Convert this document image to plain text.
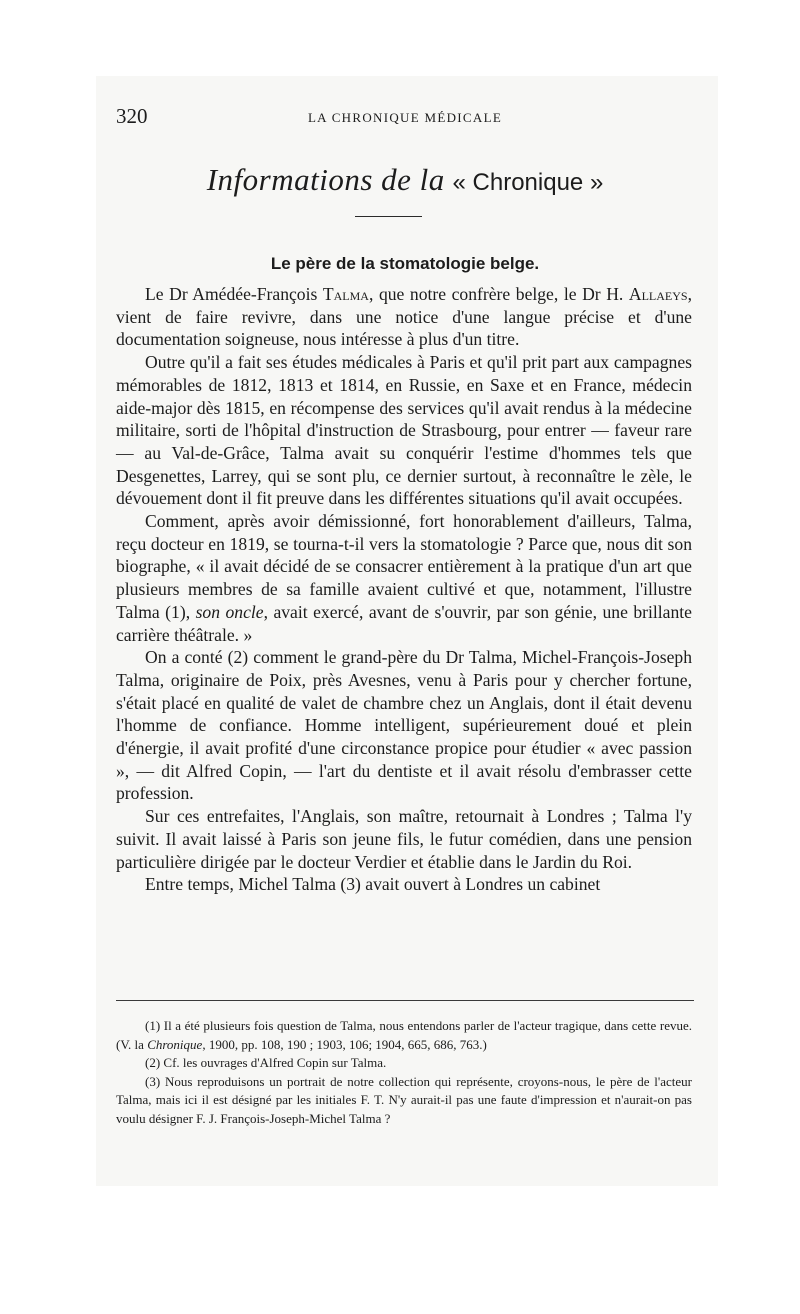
320	LA CHRONIQUE MÉDICALE
Informations de la « Chronique »
Le père de la stomatologie belge.

Le Dr Amédée-François Talma, que notre confrère belge, le Dr H. Allaeys, vient de faire revivre, dans une notice d'une langue précise et d'une documentation soigneuse, nous intéresse à plus d'un titre.

Outre qu'il a fait ses études médicales à Paris et qu'il prit part aux campagnes mémorables de 1812, 1813 et 1814, en Russie, en Saxe et en France, médecin aide-major dès 1815, en récompense des services qu'il avait rendus à la médecine militaire, sorti de l'hôpital d'instruction de Strasbourg, pour entrer — faveur rare — au Val-de-Grâce, Talma avait su conquérir l'estime d'hommes tels que Desgenettes, Larrey, qui se sont plu, ce dernier surtout, à reconnaître le zèle, le dévouement dont il fit preuve dans les différentes situations qu'il avait occupées.

Comment, après avoir démissionné, fort honorablement d'ailleurs, Talma, reçu docteur en 1819, se tourna-t-il vers la stomatologie ? Parce que, nous dit son biographe, « il avait décidé de se consacrer entièrement à la pratique d'un art que plusieurs membres de sa famille avaient cultivé et que, notamment, l'illustre Talma (1), son oncle, avait exercé, avant de s'ouvrir, par son génie, une brillante carrière théâtrale. »

On a conté (2) comment le grand-père du Dr Talma, Michel-François-Joseph Talma, originaire de Poix, près Avesnes, venu à Paris pour y chercher fortune, s'était placé en qualité de valet de chambre chez un Anglais, dont il était devenu l'homme de confiance. Homme intelligent, supérieurement doué et plein d'énergie, il avait profité d'une circonstance propice pour étudier « avec passion », — dit Alfred Copin, — l'art du dentiste et il avait résolu d'embrasser cette profession.

Sur ces entrefaites, l'Anglais, son maître, retournait à Londres ; Talma l'y suivit. Il avait laissé à Paris son jeune fils, le futur comédien, dans une pension particulière dirigée par le docteur Verdier et établie dans le Jardin du Roi.

Entre temps, Michel Talma (3) avait ouvert à Londres un cabinet

(1) Il a été plusieurs fois question de Talma, nous entendons parler de l'acteur tragique, dans cette revue. (V. la Chronique, 1900, pp. 108, 190 ; 1903, 106; 1904, 665, 686, 763.)

(2) Cf. les ouvrages d'Alfred Copin sur Talma.

(3) Nous reproduisons un portrait de notre collection qui représente, croyons-nous, le père de l'acteur Talma, mais ici il est désigné par les initiales F. T. N'y aurait-il pas une faute d'impression et n'aurait-on pas voulu désigner F. J. François-Joseph-Michel Talma ?
